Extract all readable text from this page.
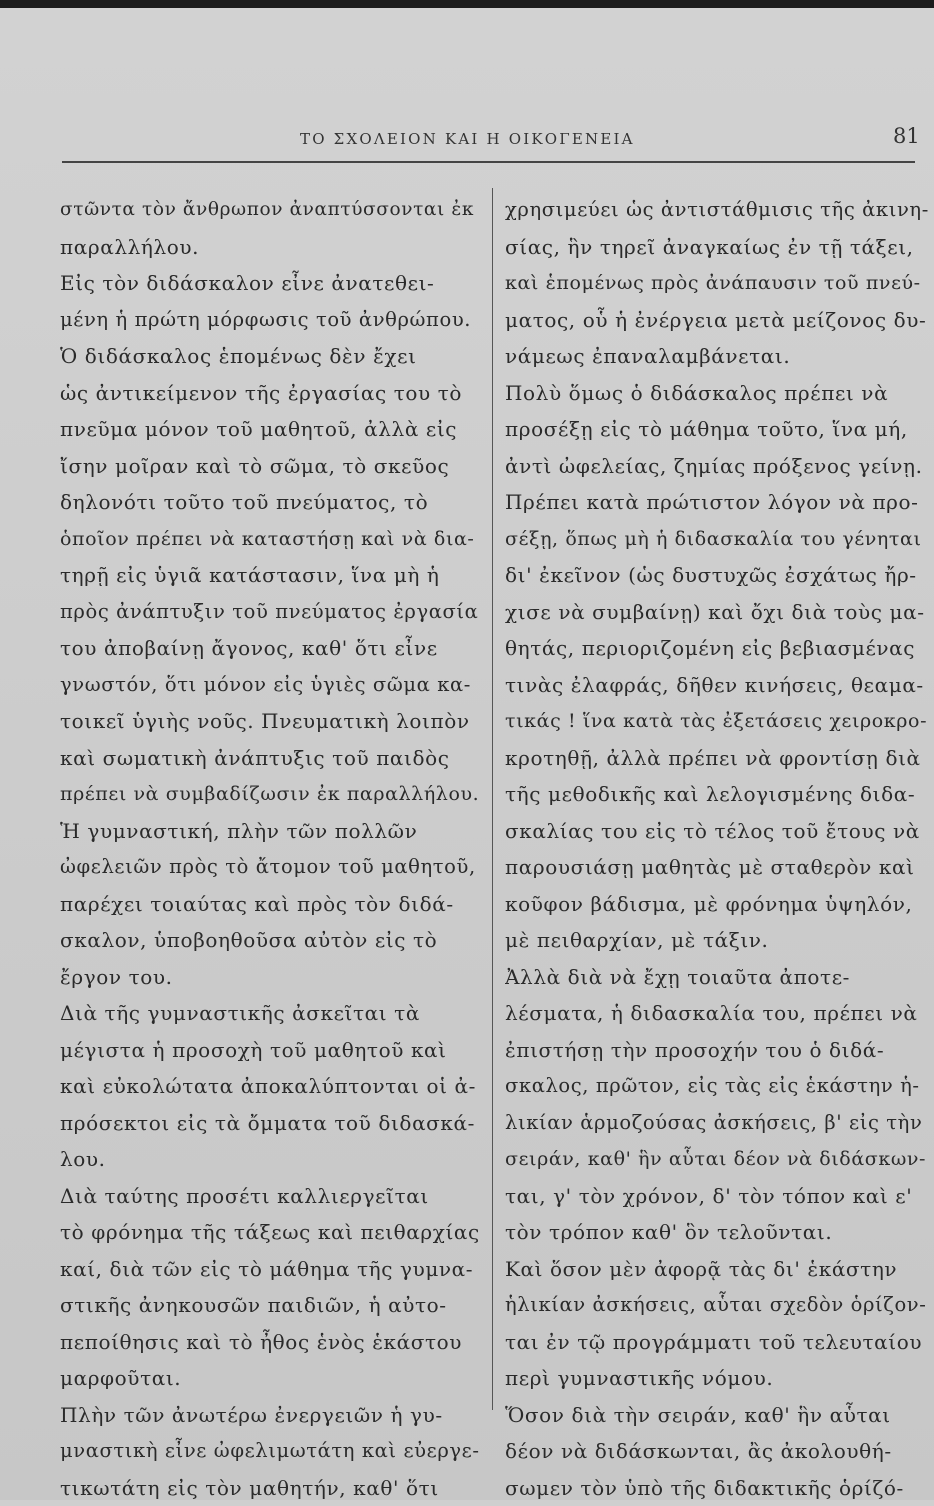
ΤΟ ΣΧΟΛΕΙΟΝ ΚΑΙ Η ΟΙΚΟΓΕΝΕΙΑ	81
στῶντα τὸν ἄνθρωπον ἀναπτύσσονται ἐκ
παραλλήλου.
Εἰς τὸν διδάσκαλον εἶνε ἀνατεθει-
μένη ἡ πρώτη μόρφωσις τοῦ ἀνθρώπου.
Ὁ διδάσκαλος ἑπομένως δὲν ἔχει
ὡς ἀντικείμενον τῆς ἐργασίας του τὸ
πνεῦμα μόνον τοῦ μαθητοῦ, ἀλλὰ εἰς
ἴσην μοῖραν καὶ τὸ σῶμα, τὸ σκεῦος
δηλονότι τοῦτο τοῦ πνεύματος, τὸ
ὁποῖον πρέπει νὰ καταστήσῃ καὶ νὰ δια-
τηρῇ εἰς ὑγιᾶ κατάστασιν, ἵνα μὴ ἡ
πρὸς ἀνάπτυξιν τοῦ πνεύματος ἐργασία
του ἀποβαίνῃ ἄγονος, καθ' ὅτι εἶνε
γνωστόν, ὅτι μόνον εἰς ὑγιὲς σῶμα κα-
τοικεῖ ὑγιὴς νοῦς. Πνευματικὴ λοιπὸν
καὶ σωματικὴ ἀνάπτυξις τοῦ παιδὸς
πρέπει νὰ συμβαδίζωσιν ἐκ παραλλήλου.
Ἡ γυμναστική, πλὴν τῶν πολλῶν
ὠφελειῶν πρὸς τὸ ἄτομον τοῦ μαθητοῦ,
παρέχει τοιαύτας καὶ πρὸς τὸν διδά-
σκαλον, ὑποβοηθοῦσα αὐτὸν εἰς τὸ
ἔργον του.
Διὰ τῆς γυμναστικῆς ἀσκεῖται τὰ
μέγιστα ἡ προσοχὴ τοῦ μαθητοῦ καὶ
καὶ εὐκολώτατα ἀποκαλύπτονται οἱ ἀ-
πρόσεκτοι εἰς τὰ ὄμματα τοῦ διδασκά-
λου.
Διὰ ταύτης προσέτι καλλιεργεῖται
τὸ φρόνημα τῆς τάξεως καὶ πειθαρχίας
καί, διὰ τῶν εἰς τὸ μάθημα τῆς γυμνα-
στικῆς ἀνηκουσῶν παιδιῶν, ἡ αὐτο-
πεποίθησις καὶ τὸ ἦθος ἑνὸς ἑκάστου
μαρφοῦται.
Πλὴν τῶν ἀνωτέρω ἐνεργειῶν ἡ γυ-
μναστικὴ εἶνε ὠφελιμωτάτη καὶ εὐεργε-
τικωτάτη εἰς τὸν μαθητήν, καθ' ὅτι
χρησιμεύει ὡς ἀντιστάθμισις τῆς ἀκινη-
σίας, ἣν τηρεῖ ἀναγκαίως ἐν τῇ τάξει,
καὶ ἑπομένως πρὸς ἀνάπαυσιν τοῦ πνεύ-
ματος, οὗ ἡ ἐνέργεια μετὰ μείζονος δυ-
νάμεως ἐπαναλαμβάνεται.
Πολὺ ὅμως ὁ διδάσκαλος πρέπει νὰ
προσέξῃ εἰς τὸ μάθημα τοῦτο, ἵνα μή,
ἀντὶ ὠφελείας, ζημίας πρόξενος γείνῃ.
Πρέπει κατὰ πρώτιστον λόγον νὰ προ-
σέξῃ, ὅπως μὴ ἡ διδασκαλία του γένηται
δι' ἐκεῖνον (ὡς δυστυχῶς ἐσχάτως ἤρ-
χισε νὰ συμβαίνῃ) καὶ ὄχι διὰ τοὺς μα-
θητάς, περιοριζομένη εἰς βεβιασμένας
τινὰς ἐλαφράς, δῆθεν κινήσεις, θεαμα-
τικάς ! ἵνα κατὰ τὰς ἐξετάσεις χειροκρο-
κροτηθῇ, ἀλλὰ πρέπει νὰ φροντίσῃ διὰ
τῆς μεθοδικῆς καὶ λελογισμένης διδα-
σκαλίας του εἰς τὸ τέλος τοῦ ἔτους νὰ
παρουσιάσῃ μαθητὰς μὲ σταθερὸν καὶ
κοῦφον βάδισμα, μὲ φρόνημα ὑψηλόν,
μὲ πειθαρχίαν, μὲ τάξιν.
Ἀλλὰ διὰ νὰ ἔχῃ τοιαῦτα ἀποτε-
λέσματα, ἡ διδασκαλία του, πρέπει νὰ
ἐπιστήσῃ τὴν προσοχήν του ὁ διδά-
σκαλος, πρῶτον, εἰς τὰς εἰς ἑκάστην ἡ-
λικίαν ἁρμοζούσας ἀσκήσεις, β' εἰς τὴν
σειράν, καθ' ἣν αὗται δέον νὰ διδάσκων-
ται, γ' τὸν χρόνον, δ' τὸν τόπον καὶ ε'
τὸν τρόπον καθ' ὃν τελοῦνται.
Καὶ ὅσον μὲν ἀφορᾷ τὰς δι' ἑκάστην
ἡλικίαν ἀσκήσεις, αὗται σχεδὸν ὁρίζον-
ται ἐν τῷ προγράμματι τοῦ τελευταίου
περὶ γυμναστικῆς νόμου.
Ὅσον διὰ τὴν σειράν, καθ' ἣν αὗται
δέον νὰ διδάσκωνται, ἂς ἀκολουθή-
σωμεν τὸν ὑπὸ τῆς διδακτικῆς ὁρίζό-
